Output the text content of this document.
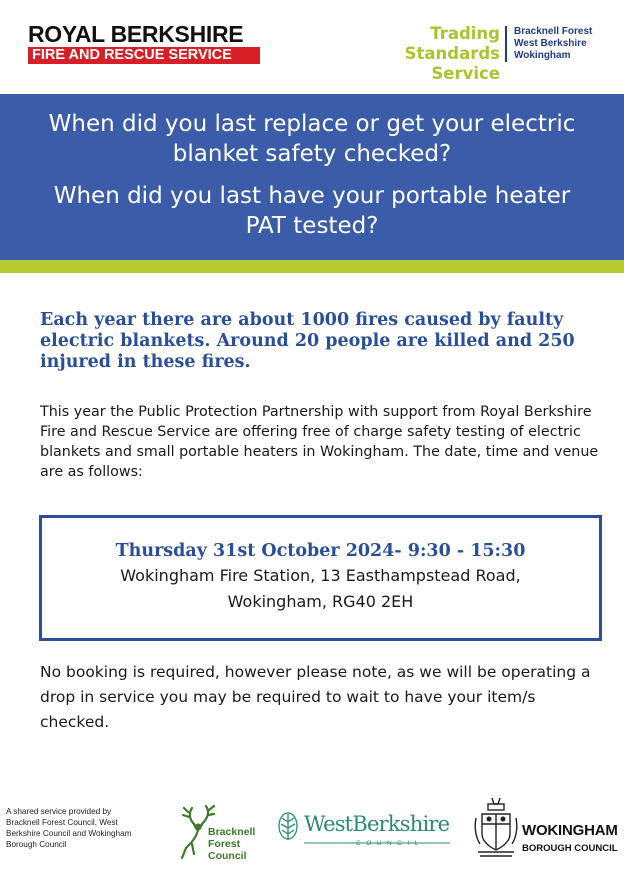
ROYAL BERKSHIRE
FIRE AND RESCUE SERVICE
Trading Standards
Service
Bracknell Forest
West Berkshire
Wokingham
When did you last replace or get your electric blanket safety checked?
When did you last have your portable heater PAT tested?
Each year there are about 1000 fires caused by faulty electric blankets. Around 20 people are killed and 250 injured in these fires.
This year the Public Protection Partnership with support from Royal Berkshire Fire and Rescue Service are offering free of charge safety testing of electric blankets and small portable heaters in Wokingham. The date, time and venue are as follows:
Thursday 31st October 2024- 9:30 - 15:30
Wokingham Fire Station, 13 Easthampstead Road,
Wokingham, RG40 2EH
No booking is required, however please note, as we will be operating a drop in service you may be required to wait to have your item/s checked.
A shared service provided by Bracknell Forest Council, West Berkshire Council and Wokingham Borough Council
Bracknell
Forest
Council
WestBerkshire
COUNCIL
WOKINGHAM
BOROUGH COUNCIL
